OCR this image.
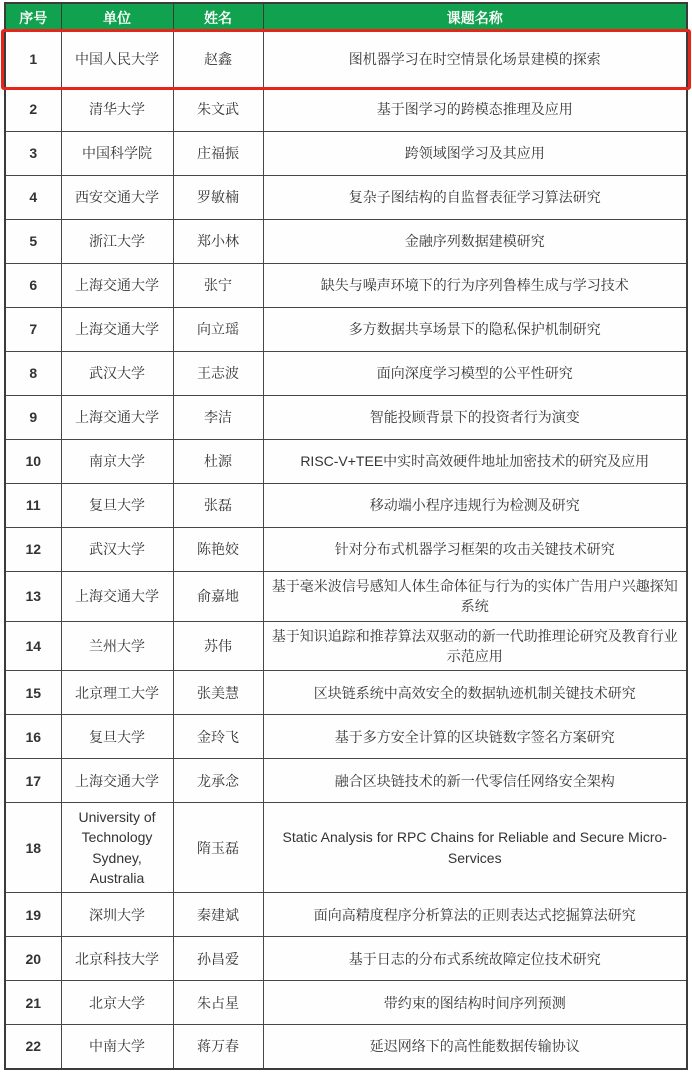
序号	单位	姓名	课题名称
1	中国人民大学	赵鑫	图机器学习在时空情景化场景建模的探索
2	清华大学	朱文武	基于图学习的跨模态推理及应用
3	中国科学院	庄福振	跨领域图学习及其应用
4	西安交通大学	罗敏楠	复杂子图结构的自监督表征学习算法研究
5	浙江大学	郑小林	金融序列数据建模研究
6	上海交通大学	张宁	缺失与噪声环境下的行为序列鲁棒生成与学习技术
7	上海交通大学	向立瑶	多方数据共享场景下的隐私保护机制研究
8	武汉大学	王志波	面向深度学习模型的公平性研究
9	上海交通大学	李洁	智能投顾背景下的投资者行为演变
10	南京大学	杜源	RISC-V+TEE中实时高效硬件地址加密技术的研究及应用
11	复旦大学	张磊	移动端小程序违规行为检测及研究
12	武汉大学	陈艳姣	针对分布式机器学习框架的攻击关键技术研究
13	上海交通大学	俞嘉地	基于毫米波信号感知人体生命体征与行为的实体广告用户兴趣探知系统
14	兰州大学	苏伟	基于知识追踪和推荐算法双驱动的新一代助推理论研究及教育行业示范应用
15	北京理工大学	张美慧	区块链系统中高效安全的数据轨迹机制关键技术研究
16	复旦大学	金玲飞	基于多方安全计算的区块链数字签名方案研究
17	上海交通大学	龙承念	融合区块链技术的新一代零信任网络安全架构
18	University of Technology Sydney, Australia	隋玉磊	Static Analysis for RPC Chains for Reliable and Secure Micro-Services
19	深圳大学	秦建斌	面向高精度程序分析算法的正则表达式挖掘算法研究
20	北京科技大学	孙昌爱	基于日志的分布式系统故障定位技术研究
21	北京大学	朱占星	带约束的图结构时间序列预测
22	中南大学	蒋万春	延迟网络下的高性能数据传输协议
